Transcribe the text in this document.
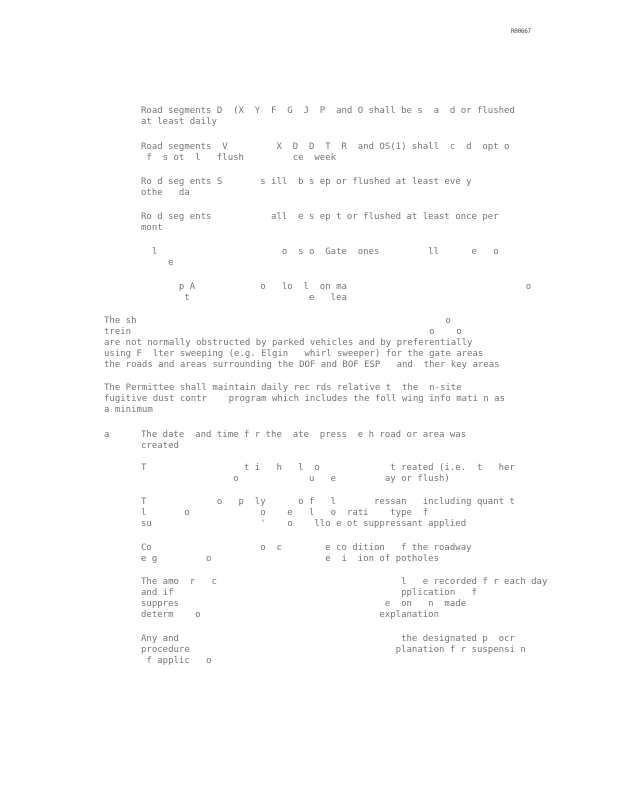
R00667
Road segments D  (X  Y  F  G  J  P  and O shall be s  a  d or flushed
at least daily
Road segments  V         X  D  D  T  R  and OS(1) shall  c  d  opt o
f  s ot  l   flush         ce  week
Ro d seg ents S       s ill  b s ep or flushed at least eve y
othe   da
Ro d seg ents           all  e s ep t or flushed at least once per
mont
l                       o  s o  Gate  ones         ll      e   o
e
p A            o   lo  l  on ma                                 o
t                      e   lea
The sh                                                         o
trein                                                       o    o
are not normally obstructed by parked vehicles and by preferentially
using F  lter sweeping (e.g. Elgin   whirl sweeper) for the gate areas
the roads and areas surrounding the DOF and BOF ESP   and  ther key areas
The Permittee shall maintain daily rec rds relative t  the  n-site
fugitive dust contr    program which includes the foll wing info mati n as
a minimum
a	The date  and time f r the  ate  press  e h road or area was
created
T                  t i   h   l  o             t reated (i.e.  t   her
o             u   e         ay or flush)
T             o   p  ly      o f   l       ressan   including quant t
l       o             o    e   l   o  rati    type  f
su                    '    o    llo e ot suppressant applied
Co                    o  c        e co dition   f the roadway
e g         o                     e  i  ion of potholes
The amo  r   c                                  l   e recorded f r each day
and if                                          pplication   f
suppres                                      e  on   n  made
determ    o                                 explanation
Any and                                         the designated p  ocr
procedure                                      planation f r suspensi n
f applic   o
